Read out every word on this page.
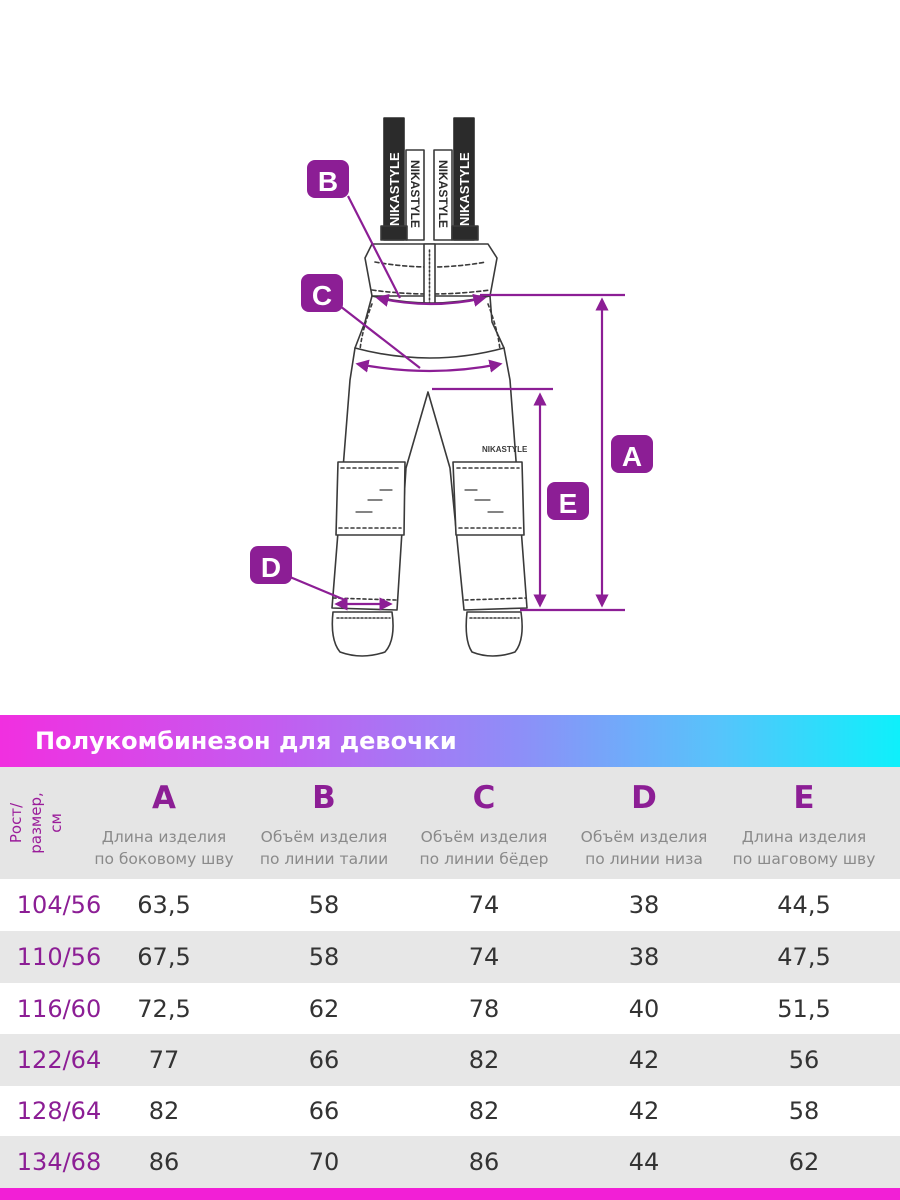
NIKASTYLE	NIKASTYLE
NIKASTYLE NIKASTYLE
NIKASTYLE
B
C
A
E
D
Полукомбинезон для девочки
Рост/
размер, см
A
Длина изделия
по боковому шву
B
Объём изделия
по линии талии
C
Объём изделия
по линии бёдер
D
Объём изделия
по линии низа
E
Длина изделия
по шаговому шву
104/56	63,5	58	74	38	44,5
110/56	67,5	58	74	38	47,5
116/60	72,5	62	78	40	51,5
122/64	77	66	82	42	56
128/64	82	66	82	42	58
134/68	86	70	86	44	62
